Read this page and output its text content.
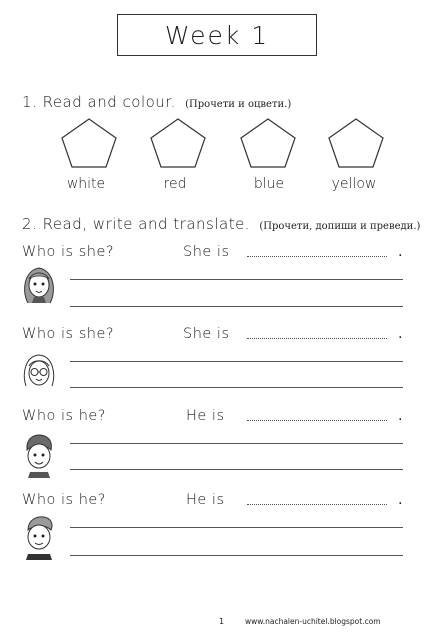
Week 1
1. Read and colour. (Прочети и оцвети.)
white	red	blue	yellow
2. Read, write and translate. (Прочети, допиши и преведи.)
Who is she?	She is	.
Who is she?	She is	.
Who is he?	He is	.
Who is he?	He is	.
1	www.nachalen-uchitel.blogspot.com
